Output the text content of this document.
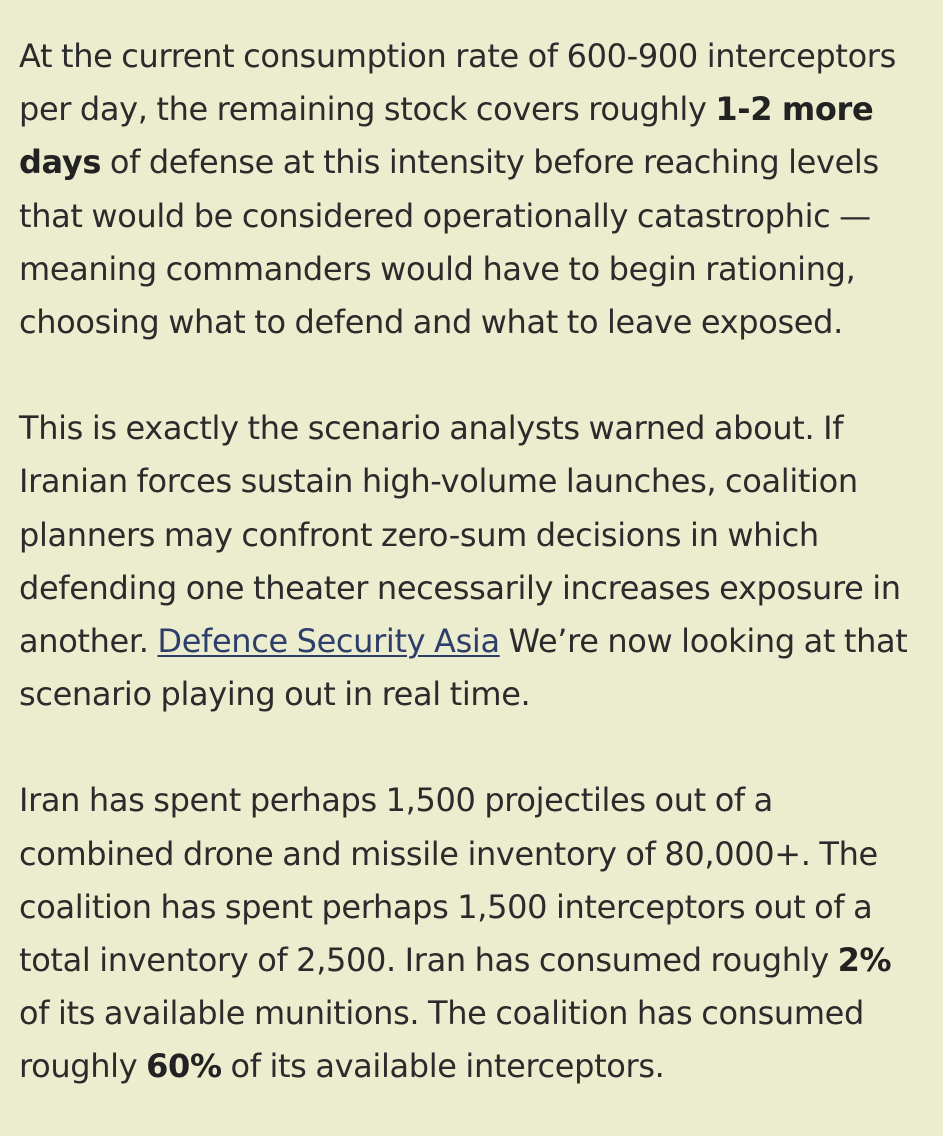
At the current consumption rate of 600-900 interceptors per day, the remaining stock covers roughly 1-2 more days of defense at this intensity before reaching levels that would be considered operationally catastrophic — meaning commanders would have to begin rationing, choosing what to defend and what to leave exposed.

This is exactly the scenario analysts warned about. If Iranian forces sustain high-volume launches, coalition planners may confront zero-sum decisions in which defending one theater necessarily increases exposure in another. Defence Security Asia We’re now looking at that scenario playing out in real time.

Iran has spent perhaps 1,500 projectiles out of a combined drone and missile inventory of 80,000+. The coalition has spent perhaps 1,500 interceptors out of a total inventory of 2,500. Iran has consumed roughly 2% of its available munitions. The coalition has consumed roughly 60% of its available interceptors.
